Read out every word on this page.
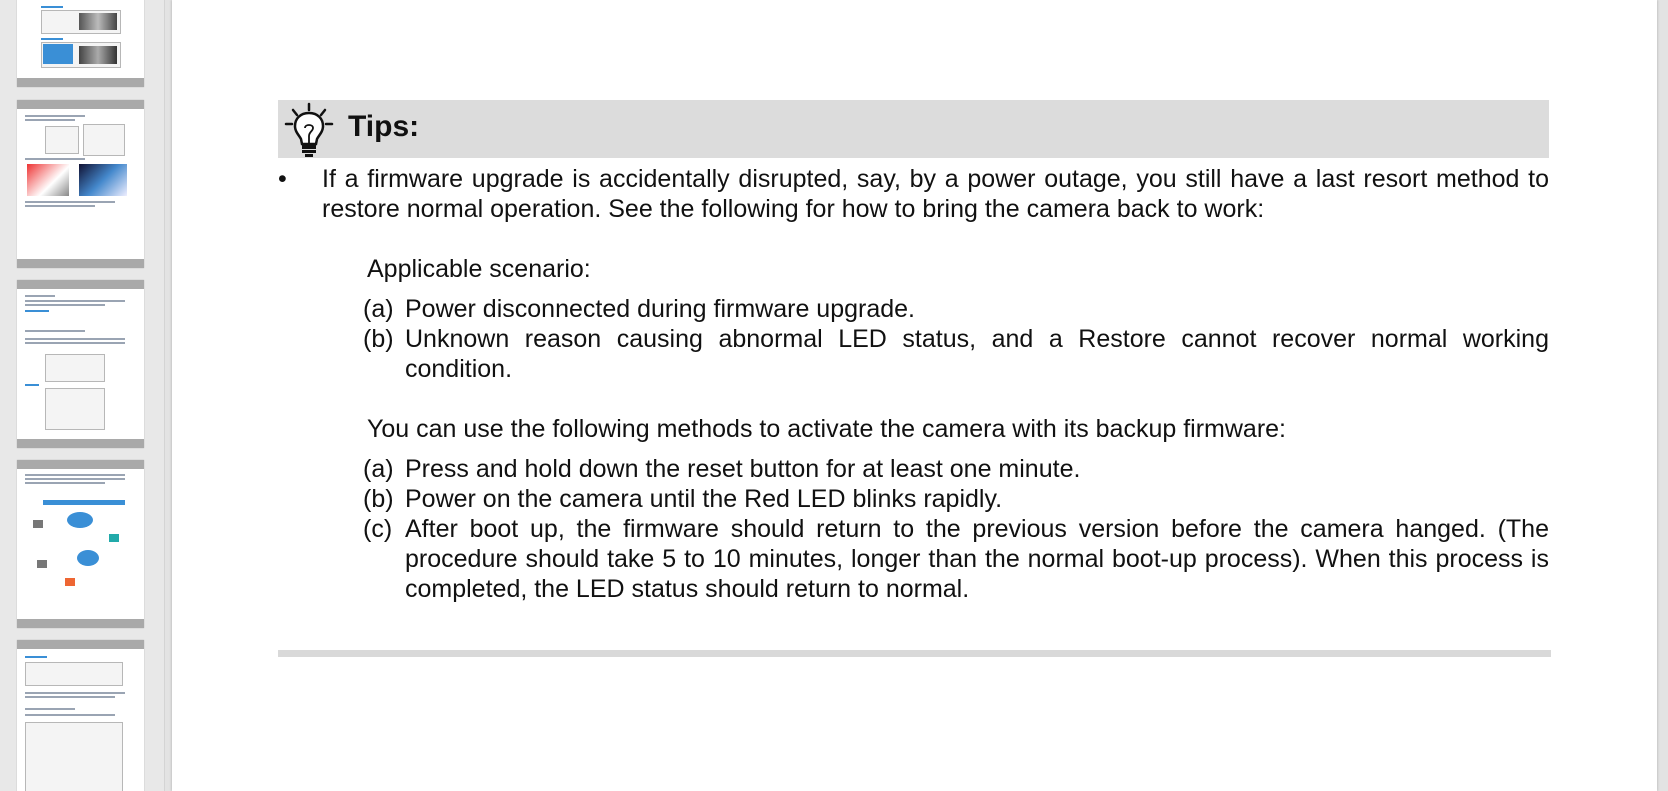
Tips:
•	If a firmware upgrade is accidentally disrupted, say, by a power outage, you still have a last resort method to restore normal operation. See the following for how to bring the camera back to work:
Applicable scenario:
(a) Power disconnected during firmware upgrade.
(b) Unknown reason causing abnormal LED status, and a Restore cannot recover normal working condition.
You can use the following methods to activate the camera with its backup firmware:
(a) Press and hold down the reset button for at least one minute.
(b) Power on the camera until the Red LED blinks rapidly.
(c) After boot up, the firmware should return to the previous version before the camera hanged. (The procedure should take 5 to 10 minutes, longer than the normal boot-up process). When this process is completed, the LED status should return to normal.
